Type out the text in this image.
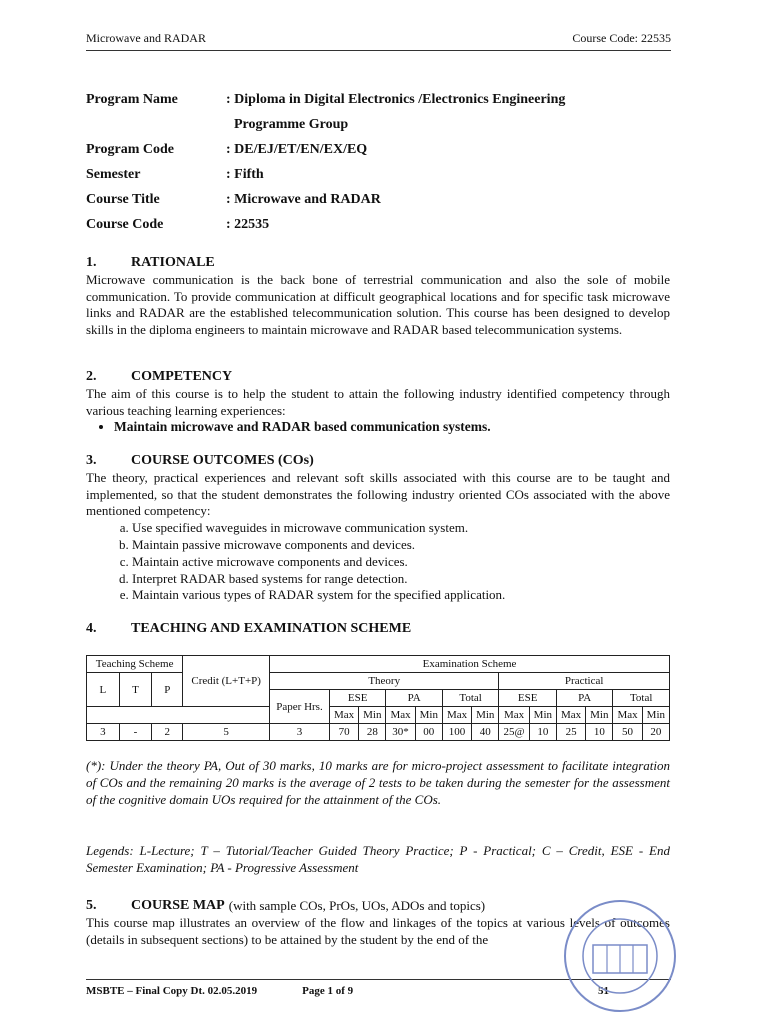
Microwave and RADAR	Course Code: 22535
Program Name	: Diploma in Digital Electronics /Electronics Engineering
Programme Group
Program Code	: DE/EJ/ET/EN/EX/EQ
Semester	: Fifth
Course Title	: Microwave and RADAR
Course Code	: 22535
1.	RATIONALE

Microwave communication is the back bone of terrestrial communication and also the sole of mobile communication. To provide communication at difficult geographical locations and for specific task microwave links and RADAR are the established telecommunication solution. This course has been designed to develop skills in the diploma engineers to maintain microwave and RADAR based telecommunication systems.

2.	COMPETENCY

The aim of this course is to help the student to attain the following industry identified competency through various teaching learning experiences:

• Maintain microwave and RADAR based communication systems.
3.	COURSE OUTCOMES (COs)

The theory, practical experiences and relevant soft skills associated with this course are to be taught and implemented, so that the student demonstrates the following industry oriented COs associated with the above mentioned competency:

a. Use specified waveguides in microwave communication system.
b. Maintain passive microwave components and devices.
c. Maintain active microwave components and devices.
d. Interpret RADAR based systems for range detection.
e. Maintain various types of RADAR system for the specified application.
4.	TEACHING AND EXAMINATION SCHEME
Teaching Scheme			Credit (L+T+P)	Examination Scheme												
L	T	P														
				Theory							Practical					
				Paper Hrs.	ESE		PA		Total		ESE		PA		Total	
					Max	Min	Max	Min	Max	Min	Max	Min	Max	Min	Max	Min
3	-	2	5	3	70	28	30*	00	100	40	25@	10	25	10	50	20

(*): Under the theory PA, Out of 30 marks, 10 marks are for micro-project assessment to facilitate integration of COs and the remaining 20 marks is the average of 2 tests to be taken during the semester for the assessment of the cognitive domain UOs required for the attainment of the COs.

Legends: L-Lecture; T – Tutorial/Teacher Guided Theory Practice; P - Practical; C – Credit, ESE - End Semester Examination; PA - Progressive Assessment

5.	COURSE MAP (with sample COs, PrOs, UOs, ADOs and topics)

This course map illustrates an overview of the flow and linkages of the topics at various levels of outcomes (details in subsequent sections) to be attained by the student by the end of the

MSBTE – Final Copy Dt. 02.05.2019	Page 1 of 9	51
